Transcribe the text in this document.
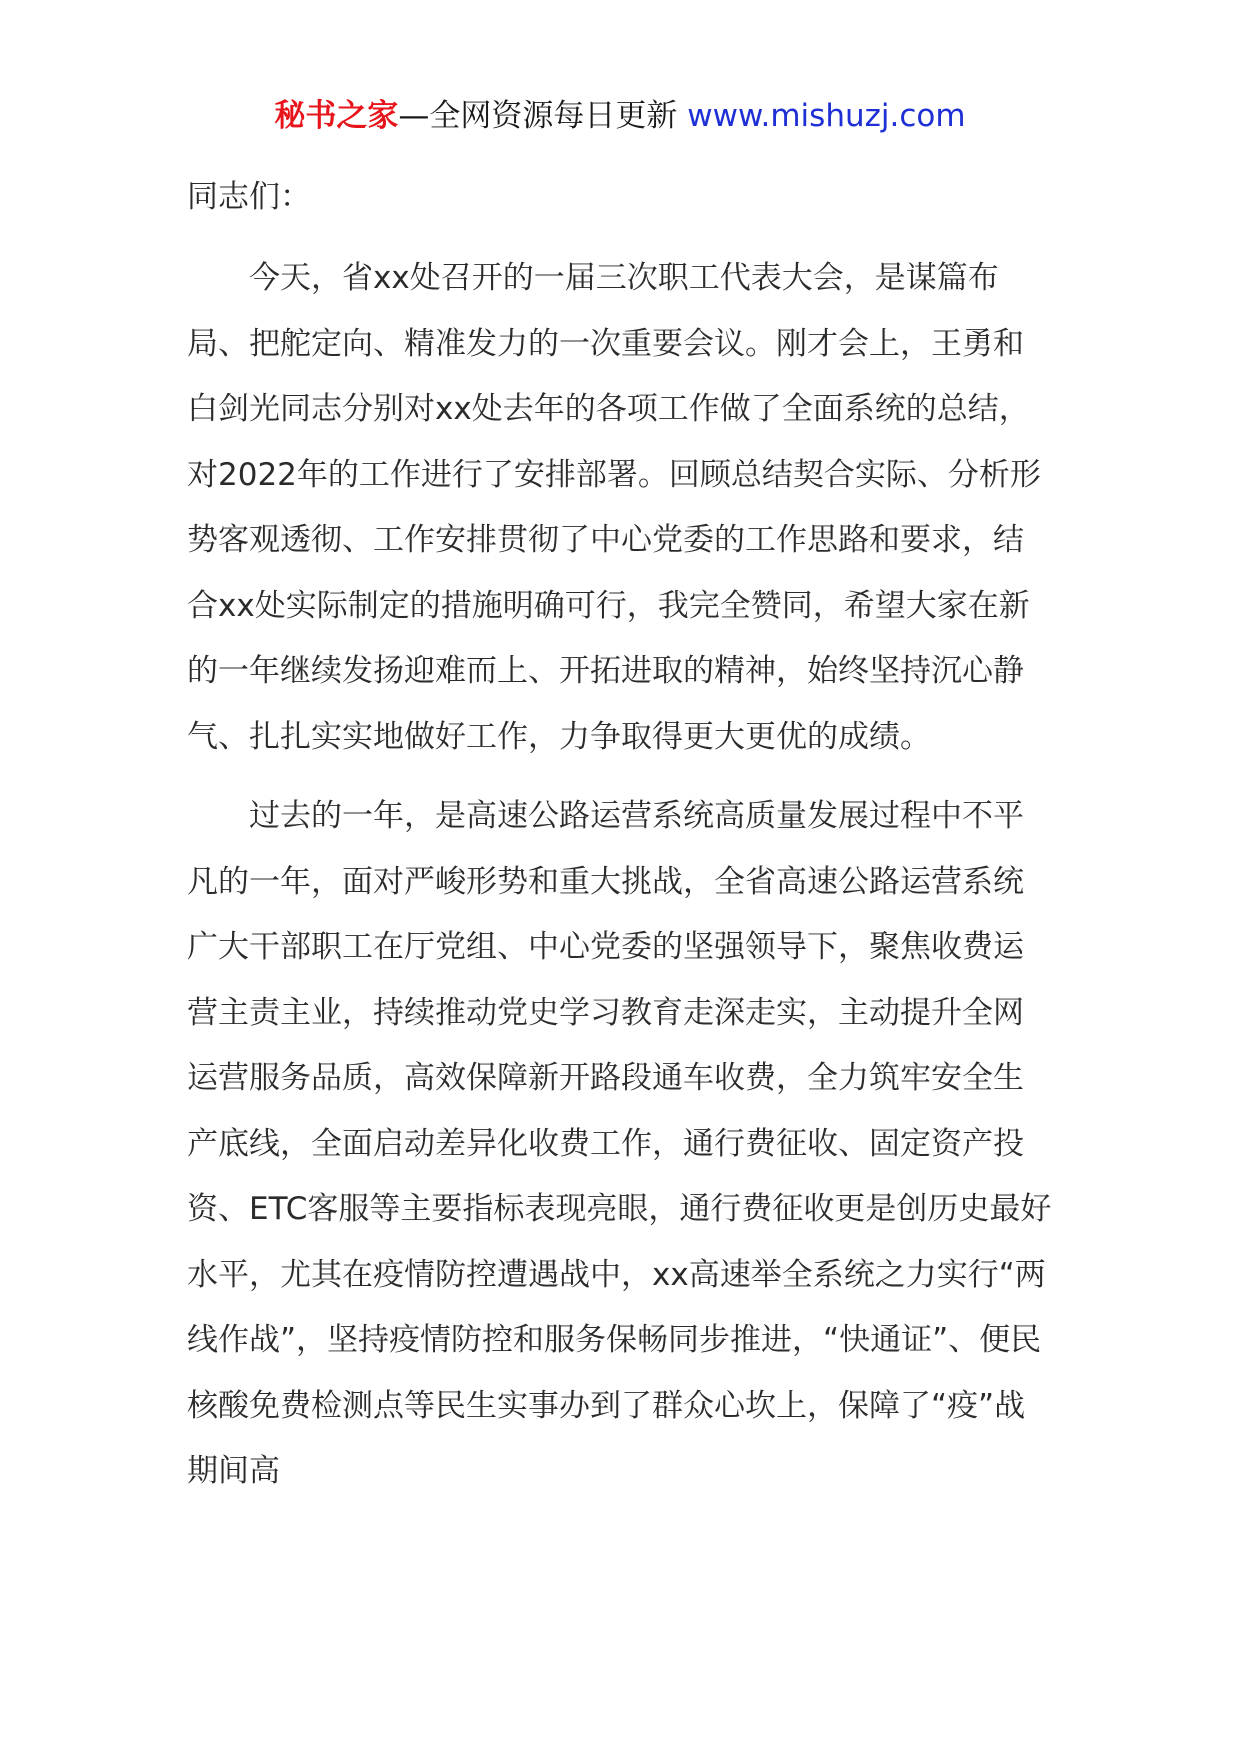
秘书之家—全网资源每日更新 www.mishuzj.com

同志们：

今天，省xx处召开的一届三次职工代表大会，是谋篇布局、把舵定向、精准发力的一次重要会议。刚才会上，王勇和白剑光同志分别对xx处去年的各项工作做了全面系统的总结，对2022年的工作进行了安排部署。回顾总结契合实际、分析形势客观透彻、工作安排贯彻了中心党委的工作思路和要求，结合xx处实际制定的措施明确可行，我完全赞同，希望大家在新的一年继续发扬迎难而上、开拓进取的精神，始终坚持沉心静气、扎扎实实地做好工作，力争取得更大更优的成绩。

过去的一年，是高速公路运营系统高质量发展过程中不平凡的一年，面对严峻形势和重大挑战，全省高速公路运营系统广大干部职工在厅党组、中心党委的坚强领导下，聚焦收费运营主责主业，持续推动党史学习教育走深走实，主动提升全网运营服务品质，高效保障新开路段通车收费，全力筑牢安全生产底线，全面启动差异化收费工作，通行费征收、固定资产投资、ETC客服等主要指标表现亮眼，通行费征收更是创历史最好水平，尤其在疫情防控遭遇战中，xx高速举全系统之力实行“两线作战”，坚持疫情防控和服务保畅同步推进，“快通证”、便民核酸免费检测点等民生实事办到了群众心坎上，保障了“疫”战期间高
